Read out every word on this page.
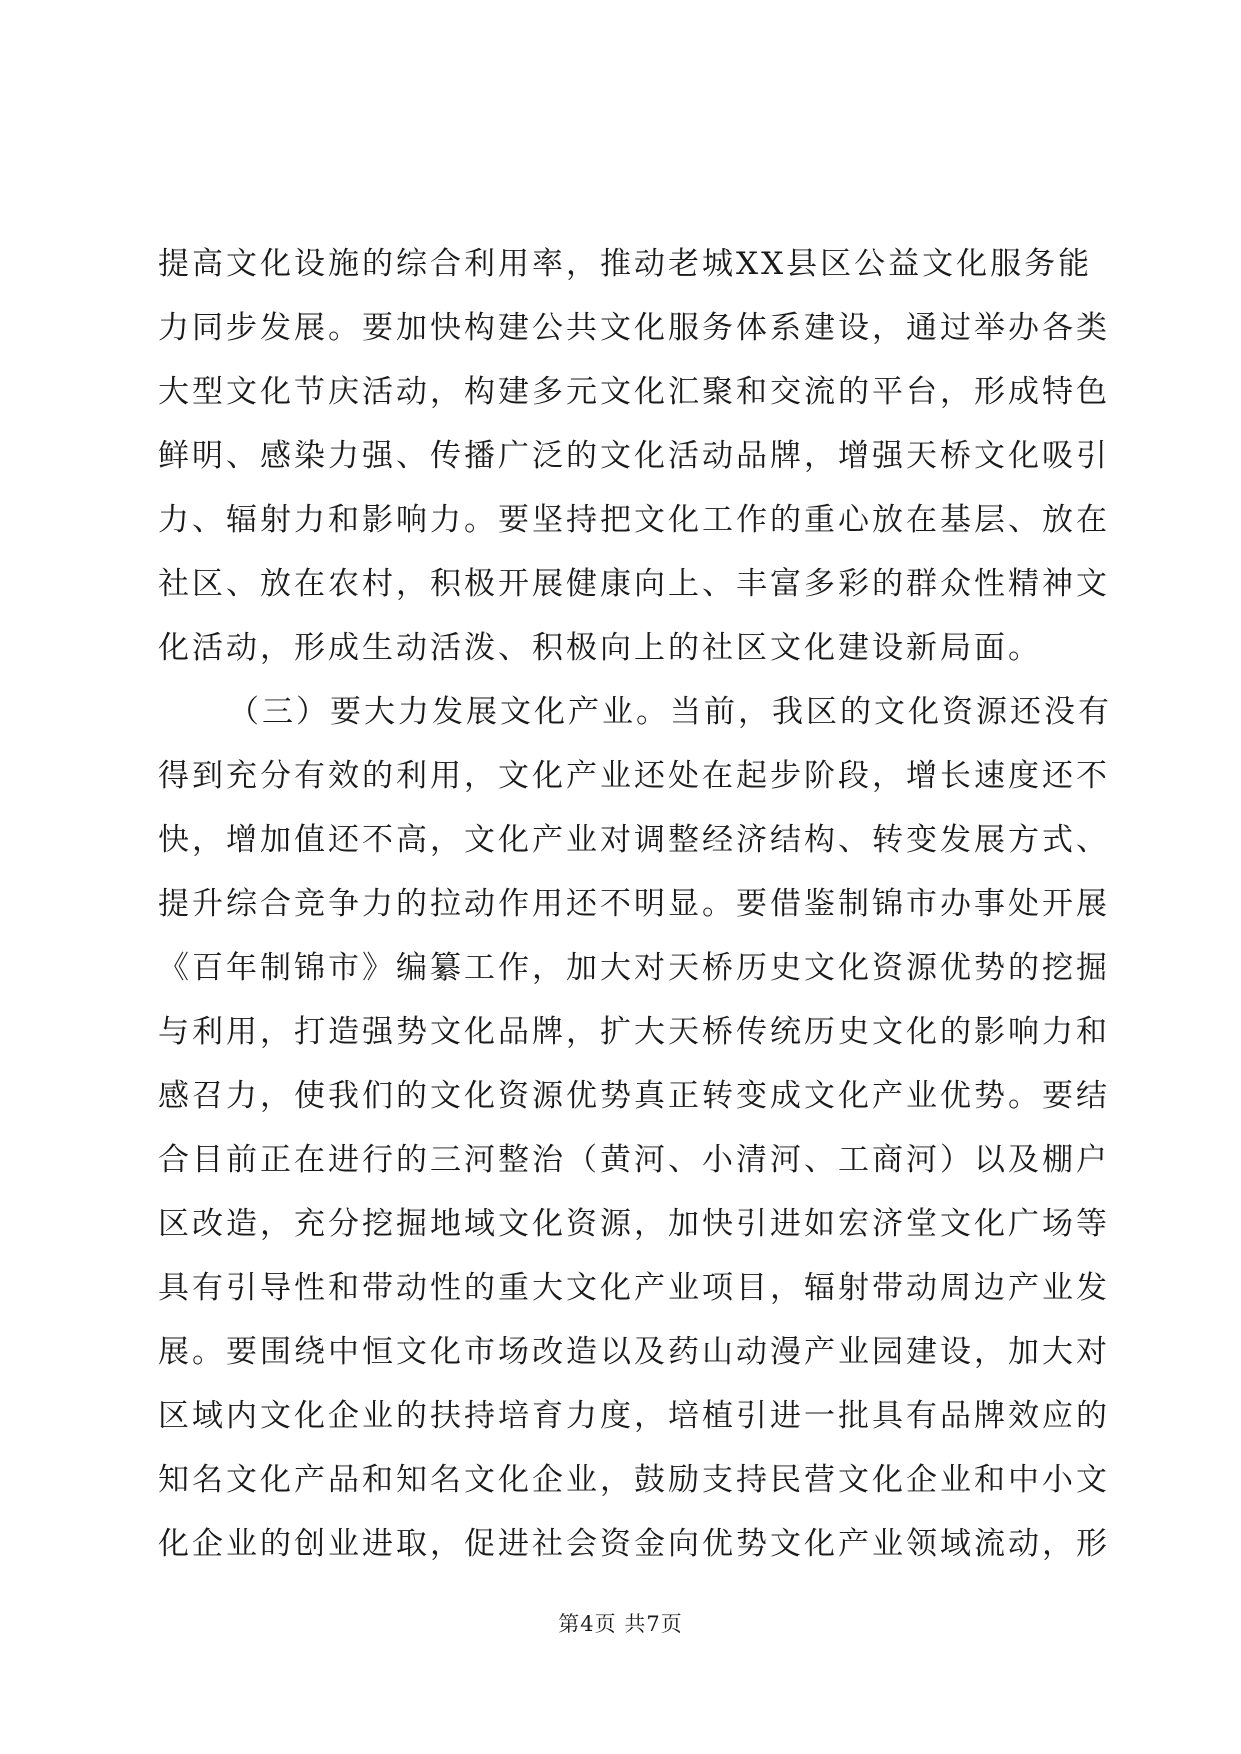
提高文化设施的综合利用率，推动老城XX县区公益文化服务能
力同步发展。要加快构建公共文化服务体系建设，通过举办各类
大型文化节庆活动，构建多元文化汇聚和交流的平台，形成特色
鲜明、感染力强、传播广泛的文化活动品牌，增强天桥文化吸引
力、辐射力和影响力。要坚持把文化工作的重心放在基层、放在
社区、放在农村，积极开展健康向上、丰富多彩的群众性精神文
化活动，形成生动活泼、积极向上的社区文化建设新局面。
（三）要大力发展文化产业。当前，我区的文化资源还没有
得到充分有效的利用，文化产业还处在起步阶段，增长速度还不
快，增加值还不高，文化产业对调整经济结构、转变发展方式、
提升综合竞争力的拉动作用还不明显。要借鉴制锦市办事处开展
《百年制锦市》编纂工作，加大对天桥历史文化资源优势的挖掘
与利用，打造强势文化品牌，扩大天桥传统历史文化的影响力和
感召力，使我们的文化资源优势真正转变成文化产业优势。要结
合目前正在进行的三河整治（黄河、小清河、工商河）以及棚户
区改造，充分挖掘地域文化资源，加快引进如宏济堂文化广场等
具有引导性和带动性的重大文化产业项目，辐射带动周边产业发
展。要围绕中恒文化市场改造以及药山动漫产业园建设，加大对
区域内文化企业的扶持培育力度，培植引进一批具有品牌效应的
知名文化产品和知名文化企业，鼓励支持民营文化企业和中小文
化企业的创业进取，促进社会资金向优势文化产业领域流动，形
第4页 共7页
